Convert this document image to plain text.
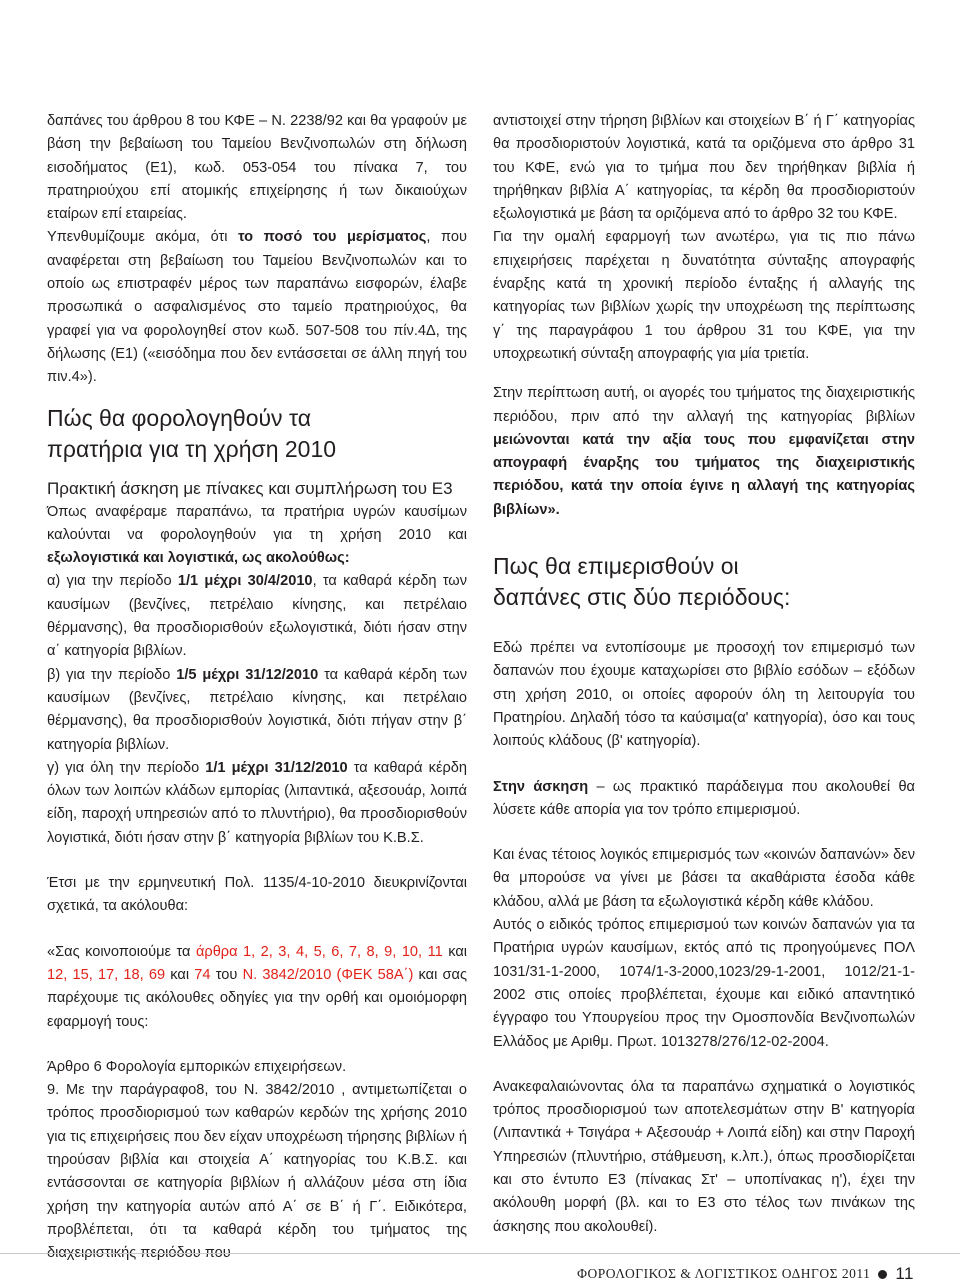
δαπάνες του άρθρου 8 του ΚΦΕ – Ν. 2238/92 και θα γραφούν με βάση την βεβαίωση του Ταμείου Βενζινοπωλών στη δήλωση εισοδήματος (Ε1), κωδ. 053-054 του πίνακα 7, του πρατηριούχου επί ατομικής επιχείρησης ή των δικαιούχων εταίρων επί εταιρείας.

Υπενθυμίζουμε ακόμα, ότι το ποσό του μερίσματος, που αναφέρεται στη βεβαίωση του Ταμείου Βενζινοπωλών και το οποίο ως επιστραφέν μέρος των παραπάνω εισφορών, έλαβε προσωπικά ο ασφαλισμένος στο ταμείο πρατηριούχος, θα γραφεί για να φορολογηθεί στον κωδ. 507-508 του πίν.4Δ, της δήλωσης (Ε1) («εισόδημα που δεν εντάσσεται σε άλλη πηγή του πιν.4»).

Πώς θα φορολογηθούν τα πρατήρια για τη χρήση 2010
Πρακτική άσκηση με πίνακες και συμπλήρωση του Ε3

Όπως αναφέραμε παραπάνω, τα πρατήρια υγρών καυσίμων καλούνται να φορολογηθούν για τη χρήση 2010 και εξωλογιστικά και λογιστικά, ως ακολούθως:

α) για την περίοδο 1/1 μέχρι 30/4/2010, τα καθαρά κέρδη των καυσίμων (βενζίνες, πετρέλαιο κίνησης, και πετρέλαιο θέρμανσης), θα προσδιορισθούν εξωλογιστικά, διότι ήσαν στην α΄ κατηγορία βιβλίων.

β) για την περίοδο 1/5 μέχρι 31/12/2010 τα καθαρά κέρδη των καυσίμων (βενζίνες, πετρέλαιο κίνησης, και πετρέλαιο θέρμανσης), θα προσδιορισθούν λογιστικά, διότι πήγαν στην β΄ κατηγορία βιβλίων.

γ) για όλη την περίοδο 1/1 μέχρι 31/12/2010 τα καθαρά κέρδη όλων των λοιπών κλάδων εμπορίας (λιπαντικά, αξεσουάρ, λοιπά είδη, παροχή υπηρεσιών από το πλυντήριο), θα προσδιορισθούν λογιστικά, διότι ήσαν στην β΄ κατηγορία βιβλίων του Κ.Β.Σ.

Έτσι με την ερμηνευτική Πολ. 1135/4-10-2010 διευκρινίζονται σχετικά, τα ακόλουθα:

«Σας κοινοποιούμε τα άρθρα 1, 2, 3, 4, 5, 6, 7, 8, 9, 10, 11 και 12, 15, 17, 18, 69 και 74 του Ν. 3842/2010 (ΦΕΚ 58Α΄) και σας παρέχουμε τις ακόλουθες οδηγίες για την ορθή και ομοιόμορφη εφαρμογή τους:

Άρθρο 6 Φορολογία εμπορικών επιχειρήσεων.

9. Με την παράγραφο8, του Ν. 3842/2010 , αντιμετωπίζεται ο τρόπος προσδιορισμού των καθαρών κερδών της χρήσης 2010 για τις επιχειρήσεις που δεν είχαν υποχρέωση τήρησης βιβλίων ή τηρούσαν βιβλία και στοιχεία Α΄ κατηγορίας του Κ.Β.Σ. και εντάσσονται σε κατηγορία βιβλίων ή αλλάζουν μέσα στη ίδια χρήση την κατηγορία αυτών από Α΄ σε Β΄ ή Γ΄. Ειδικότερα, προβλέπεται, ότι τα καθαρά κέρδη του τμήματος της διαχειριστικής περιόδου που

αντιστοιχεί στην τήρηση βιβλίων και στοιχείων Β΄ ή Γ΄ κατηγορίας θα προσδιοριστούν λογιστικά, κατά τα οριζόμενα στο άρθρο 31 του ΚΦΕ, ενώ για το τμήμα που δεν τηρήθηκαν βιβλία ή τηρήθηκαν βιβλία Α΄ κατηγορίας, τα κέρδη θα προσδιοριστούν εξωλογιστικά με βάση τα οριζόμενα από το άρθρο 32 του ΚΦΕ.

Για την ομαλή εφαρμογή των ανωτέρω, για τις πιο πάνω επιχειρήσεις παρέχεται η δυνατότητα σύνταξης απογραφής έναρξης κατά τη χρονική περίοδο ένταξης ή αλλαγής της κατηγορίας των βιβλίων χωρίς την υποχρέωση της περίπτωσης γ΄ της παραγράφου 1 του άρθρου 31 του ΚΦΕ, για την υποχρεωτική σύνταξη απογραφής για μία τριετία.

Στην περίπτωση αυτή, οι αγορές του τμήματος της διαχειριστικής περιόδου, πριν από την αλλαγή της κατηγορίας βιβλίων μειώνονται κατά την αξία τους που εμφανίζεται στην απογραφή έναρξης του τμήματος της διαχειριστικής περιόδου, κατά την οποία έγινε η αλλαγή της κατηγορίας βιβλίων».

Πως θα επιμερισθούν οι δαπάνες στις δύο περιόδους:

Εδώ πρέπει να εντοπίσουμε με προσοχή τον επιμερισμό των δαπανών που έχουμε καταχωρίσει στο βιβλίο εσόδων – εξόδων στη χρήση 2010, οι οποίες αφορούν όλη τη λειτουργία του Πρατηρίου. Δηλαδή τόσο τα καύσιμα(α' κατηγορία), όσο και τους λοιπούς κλάδους (β' κατηγορία).

Στην άσκηση – ως πρακτικό παράδειγμα που ακολουθεί θα λύσετε κάθε απορία για τον τρόπο επιμερισμού.

Και ένας τέτοιος λογικός επιμερισμός των «κοινών δαπανών» δεν θα μπορούσε να γίνει με βάσει τα ακαθάριστα έσοδα κάθε κλάδου, αλλά με βάση τα εξωλογιστικά κέρδη κάθε κλάδου.

Αυτός ο ειδικός τρόπος επιμερισμού των κοινών δαπανών για τα Πρατήρια υγρών καυσίμων, εκτός από τις προηγούμενες ΠΟΛ 1031/31-1-2000, 1074/1-3-2000,1023/29-1-2001, 1012/21-1-2002 στις οποίες προβλέπεται, έχουμε και ειδικό απαντητικό έγγραφο του Υπουργείου προς την Ομοσπονδία Βενζινοπωλών Ελλάδος με Αριθμ. Πρωτ. 1013278/276/12-02-2004.

Ανακεφαλαιώνοντας όλα τα παραπάνω σχηματικά ο λογιστικός τρόπος προσδιορισμού των αποτελεσμάτων στην Β' κατηγορία (Λιπαντικά + Τσιγάρα + Αξεσουάρ + Λοιπά είδη) και στην Παροχή Υπηρεσιών (πλυντήριο, στάθμευση, κ.λπ.), όπως προσδιορίζεται και στο έντυπο Ε3 (πίνακας Στ' – υποπίνακας η'), έχει την ακόλουθη μορφή (βλ. και το Ε3 στο τέλος των πινάκων της άσκησης που ακολουθεί).

ΦΟΡΟΛΟΓΙΚΟΣ & ΛΟΓΙΣΤΙΚΟΣ ΟΔΗΓΟΣ 2011 11
